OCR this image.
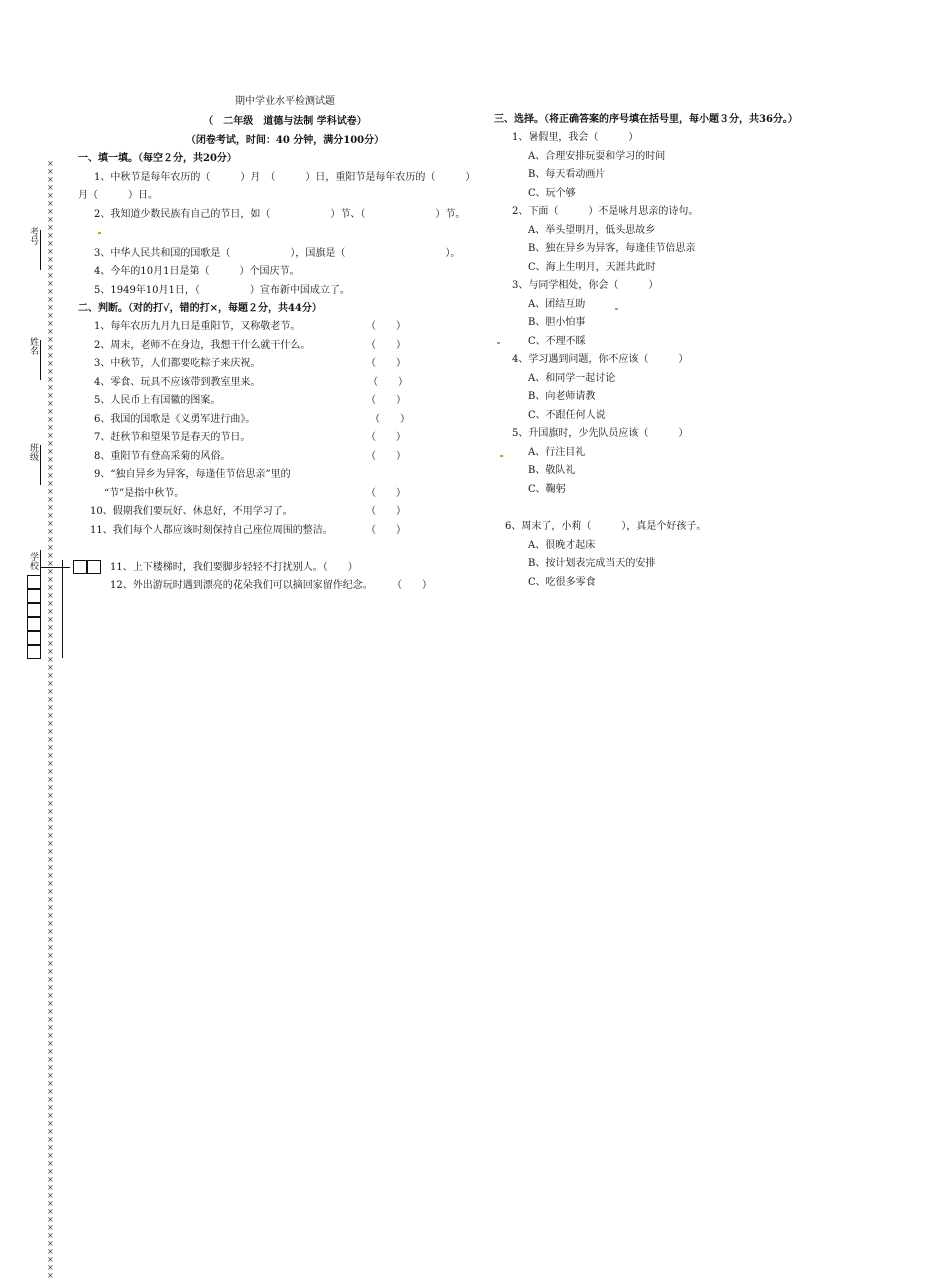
××××××××××××××××××××××××××××××××××××××××××××××××××××××××××××××××××××××××××××××××××××××××××××××××××××××××××××××××××××××××××××××××××××××××××××
考号
姓名
班级
学校
期中学业水平检测试题
（　二年级　道德与法制 学科试卷）
（闭卷考试，时间：40 分钟，满分100分）
一、填一填。（每空２分，共20分）
1、中秋节是每年农历的（　　　）月　（　　　）日，重阳节是每年农历的（　　　）
月（　　　）日。
2、我知道少数民族有自己的节日，如（　　　　　　）节、（　　　　　　　）节。
3、中华人民共和国的国歌是（　　　　　　），国旗是（　　　　　　　　　　）。
4、今年的10月1日是第（　　　）个国庆节。
5、1949年10月1日，（　　　　　）宣布新中国成立了。
二、判断。（对的打√，错的打×，每题２分，共44分）
1、每年农历九月九日是重阳节，又称敬老节。	（　　）
2、周末，老师不在身边，我想干什么就干什么。	（　　）
3、中秋节，人们都要吃粽子来庆祝。	（　　）
4、零食、玩具不应该带到教室里来。	（　　）
5、人民币上有国徽的图案。	（　　）
6、我国的国歌是《义勇军进行曲》。	（　　）
7、赶秋节和望果节是春天的节日。	（　　）
8、重阳节有登高采菊的风俗。	（　　）
9、“独自异乡为异客，每逢佳节倍思亲”里的
“节”是指中秋节。	（　　）
10、假期我们要玩好、休息好，不用学习了。	（　　）
11、我们每个人都应该时刻保持自己座位周围的整洁。	（　　）
11、上下楼梯时，我们要脚步轻轻不打扰别人。（　　）
12、外出游玩时遇到漂亮的花朵我们可以摘回家留作纪念。 （　　）
三、选择。（将正确答案的序号填在括号里，每小题３分，共36分。）
1、暑假里，我会（　　　）
A、合理安排玩耍和学习的时间
B、每天看动画片
C、玩个够
2、下面（　　　）不是咏月思亲的诗句。
A、举头望明月，低头思故乡
B、独在异乡为异客，每逢佳节倍思亲
C、海上生明月，天涯共此时
3、与同学相处，你会（　　　）
A、团结互助
B、胆小怕事
C、不理不睬
4、学习遇到问题，你不应该（　　　）
A、和同学一起讨论
B、向老师请教
C、不跟任何人说
5、升国旗时，少先队员应该（　　　）
A、行注目礼
B、敬队礼
C、鞠躬
6、周末了，小莉（　　　），真是个好孩子。
A、很晚才起床
B、按计划表完成当天的安排
C、吃很多零食
